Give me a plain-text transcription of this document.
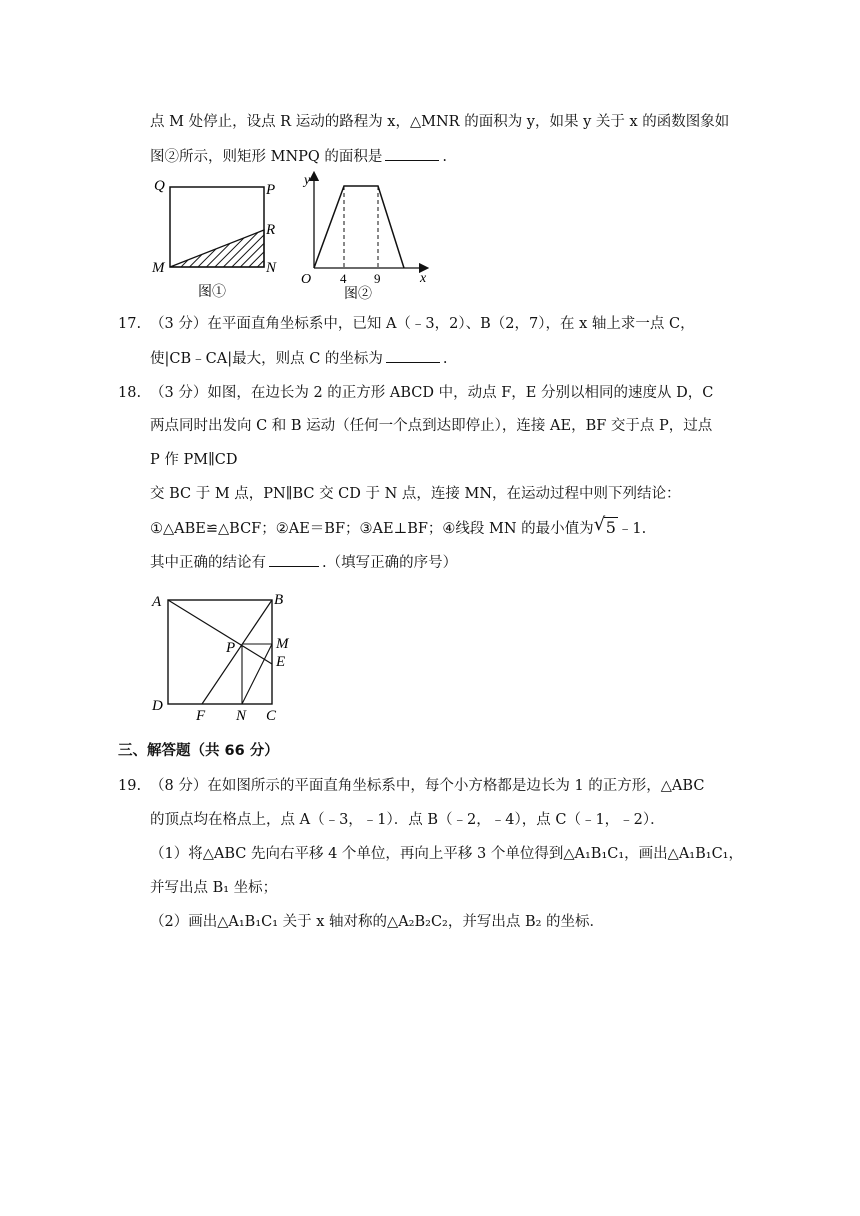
点 M 处停止，设点 R 运动的路程为 x，△MNR 的面积为 y，如果 y 关于 x 的函数图象如
图②所示，则矩形 MNPQ 的面积是	.
Q	P
R
M	N
图①
y
x
O 4 9
图②
17. （3 分）在平面直角坐标系中，已知 A（﹣3，2）、B（2，7），在 x 轴上求一点 C，
使|CB﹣CA|最大，则点 C 的坐标为	.
18. （3 分）如图，在边长为 2 的正方形 ABCD 中，动点 F，E 分别以相同的速度从 D，C
两点同时出发向 C 和 B 运动（任何一个点到达即停止），连接 AE，BF 交于点 P，过点
P 作 PM∥CD
交 BC 于 M 点，PN∥BC 交 CD 于 N 点，连接 MN，在运动过程中则下列结论：
①△ABE≌△BCF；②AE＝BF；③AE⊥BF；④线段 MN 的最小值为 √ 5 ﹣1.
其中正确的结论有	.（填写正确的序号）
A	B
C
D
P	M
E
F N
三、解答题（共 66 分）
19. （8 分）在如图所示的平面直角坐标系中，每个小方格都是边长为 1 的正方形，△ABC
的顶点均在格点上，点 A（﹣3，﹣1）．点 B（﹣2，﹣4），点 C（﹣1，﹣2）．
（1）将△ABC 先向右平移 4 个单位，再向上平移 3 个单位得到△A₁B₁C₁，画出△A₁B₁C₁，
并写出点 B₁ 坐标；
（2）画出△A₁B₁C₁ 关于 x 轴对称的△A₂B₂C₂，并写出点 B₂ 的坐标．
